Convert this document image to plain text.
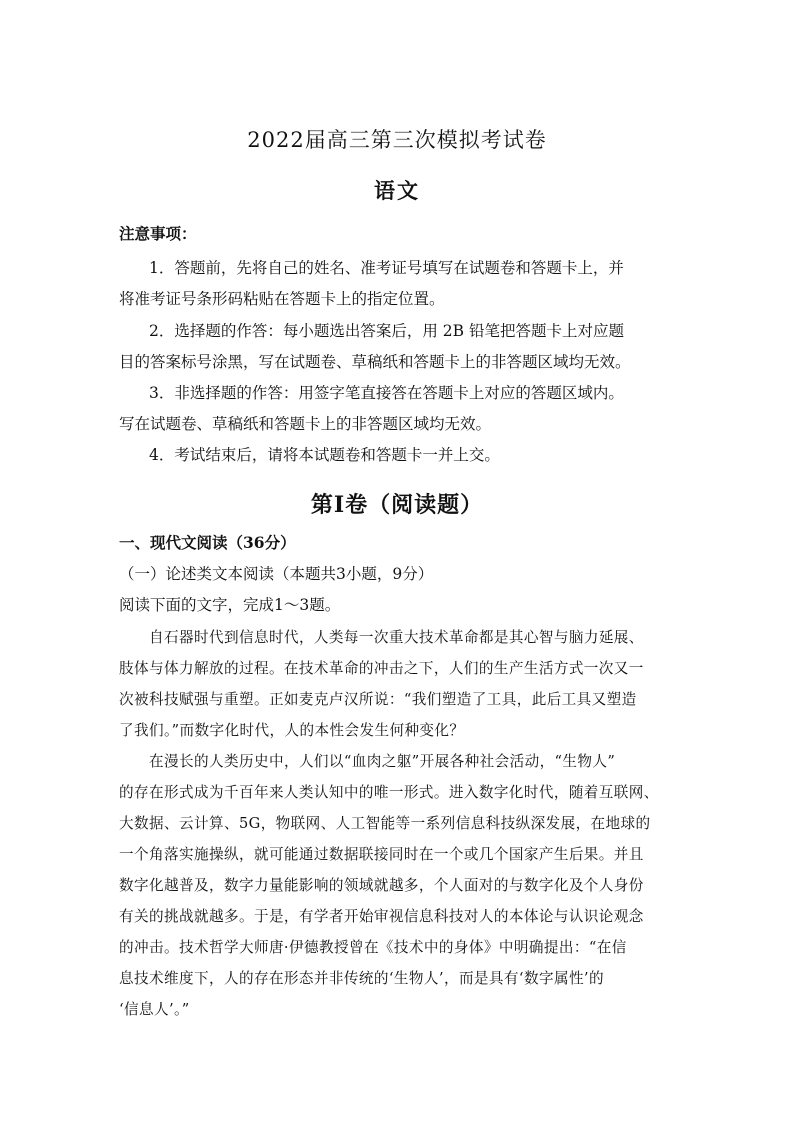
2022届高三第三次模拟考试卷
语文
注意事项：
1．答题前，先将自己的姓名、准考证号填写在试题卷和答题卡上，并
将准考证号条形码粘贴在答题卡上的指定位置。
2．选择题的作答：每小题选出答案后，用 2B 铅笔把答题卡上对应题
目的答案标号涂黑，写在试题卷、草稿纸和答题卡上的非答题区域均无效。
3．非选择题的作答：用签字笔直接答在答题卡上对应的答题区域内。
写在试题卷、草稿纸和答题卡上的非答题区域均无效。
4．考试结束后，请将本试题卷和答题卡一并上交。
第Ⅰ卷（阅读题）
一、现代文阅读（36分）
（一）论述类文本阅读（本题共3小题，9分）
阅读下面的文字，完成1～3题。
自石器时代到信息时代，人类每一次重大技术革命都是其心智与脑力延展、
肢体与体力解放的过程。在技术革命的冲击之下，人们的生产生活方式一次又一
次被科技赋强与重塑。正如麦克卢汉所说：“我们塑造了工具，此后工具又塑造
了我们。”而数字化时代，人的本性会发生何种变化？
在漫长的人类历史中，人们以“血肉之躯”开展各种社会活动，“生物人”
的存在形式成为千百年来人类认知中的唯一形式。进入数字化时代，随着互联网、
大数据、云计算、5G，物联网、人工智能等一系列信息科技纵深发展，在地球的
一个角落实施操纵，就可能通过数据联接同时在一个或几个国家产生后果。并且
数字化越普及，数字力量能影响的领域就越多，个人面对的与数字化及个人身份
有关的挑战就越多。于是，有学者开始审视信息科技对人的本体论与认识论观念
的冲击。技术哲学大师唐·伊德教授曾在《技术中的身体》中明确提出：“在信
息技术维度下，人的存在形态并非传统的‘生物人’，而是具有‘数字属性’的
‘信息人’。”
